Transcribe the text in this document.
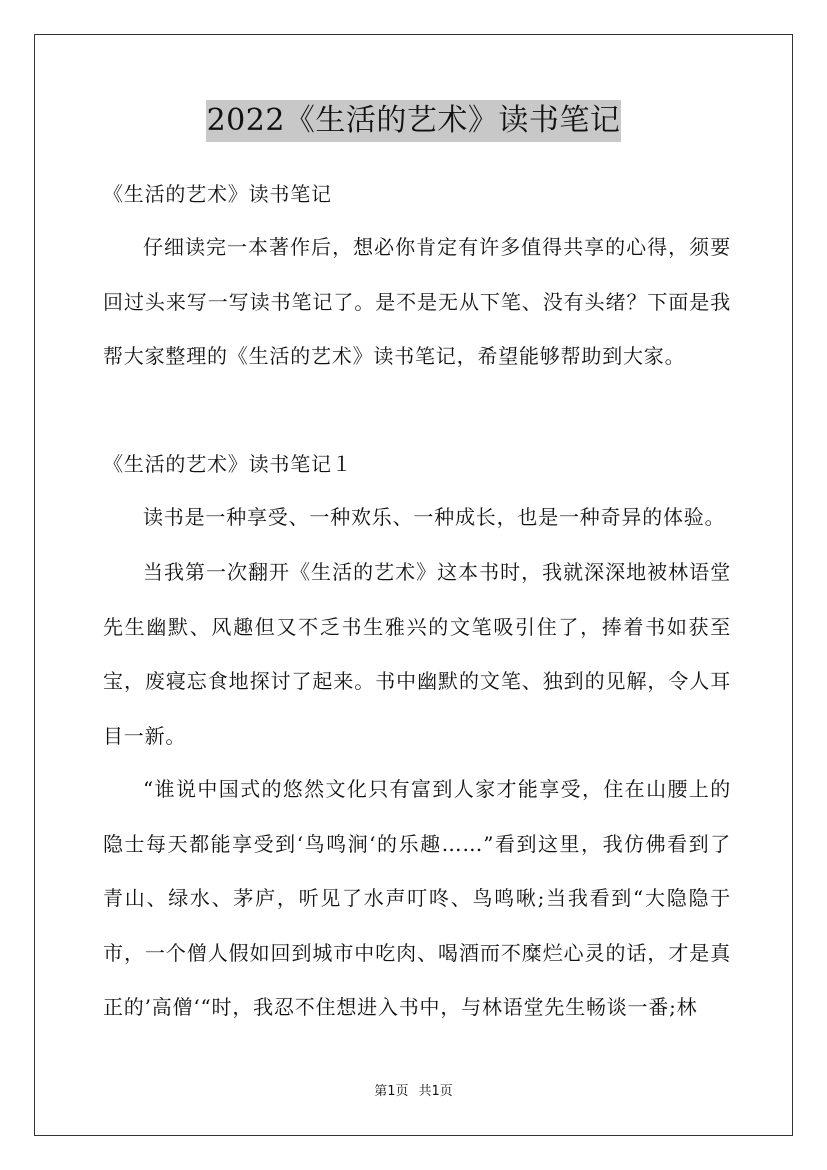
2022《生活的艺术》读书笔记

《生活的艺术》读书笔记

仔细读完一本著作后，想必你肯定有许多值得共享的心得，须要回过头来写一写读书笔记了。是不是无从下笔、没有头绪？下面是我帮大家整理的《生活的艺术》读书笔记，希望能够帮助到大家。

《生活的艺术》读书笔记１

读书是一种享受、一种欢乐、一种成长，也是一种奇异的体验。

当我第一次翻开《生活的艺术》这本书时，我就深深地被林语堂先生幽默、风趣但又不乏书生雅兴的文笔吸引住了，捧着书如获至宝，废寝忘食地探讨了起来。书中幽默的文笔、独到的见解，令人耳目一新。

“谁说中国式的悠然文化只有富到人家才能享受，住在山腰上的隐士每天都能享受到‘鸟鸣涧‘的乐趣……”看到这里，我仿佛看到了青山、绿水、茅庐，听见了水声叮咚、鸟鸣啾;当我看到“大隐隐于市，一个僧人假如回到城市中吃肉、喝酒而不糜烂心灵的话，才是真正的’高僧‘“时，我忍不住想进入书中，与林语堂先生畅谈一番;林

第1页 共1页
